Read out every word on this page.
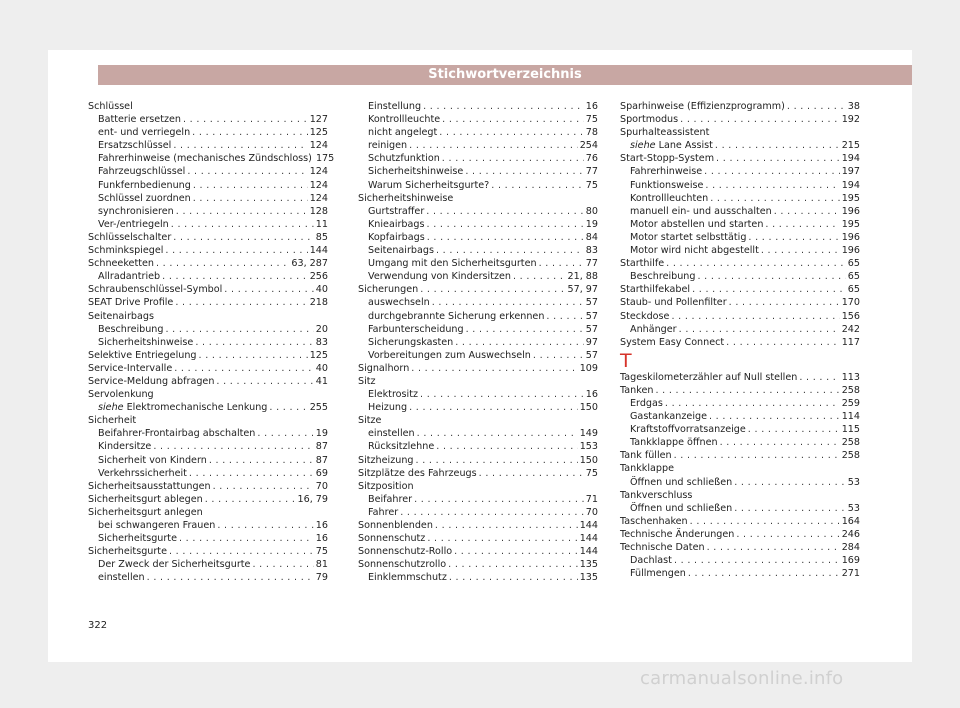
Stichwortverzeichnis
Schlüssel
Batterie ersetzen . . .	127
ent- und verriegeln . . .	125
Ersatzschlüssel . . .	124
Fahrerhinweise (mechanisches Zündschloss) 175
Fahrzeugschlüssel . . .	124
Funkfernbedienung . . .	124
Schlüssel zuordnen . . .	124
synchronisieren . . .	128
Ver-/entriegeln . . .	11
Schlüsselschalter . . .	85
Schminkspiegel . . .	144
Schneeketten . . .	63, 287
Allradantrieb . . .	256
Schraubenschlüssel-Symbol . . .	40
SEAT Drive Profile . . .	218
Seitenairbags
Beschreibung . . .	20
Sicherheitshinweise . . .	83
Selektive Entriegelung . . .	125
Service-Intervalle . . .	40
Service-Meldung abfragen . . .	41
Servolenkung
siehe Elektromechanische Lenkung . . .	255
Sicherheit
Beifahrer-Frontairbag abschalten . . .	19
Kindersitze . . .	87
Sicherheit von Kindern . . .	87
Verkehrssicherheit . . .	69
Sicherheitsausstattungen . . .	70
Sicherheitsgurt ablegen . . .	16, 79
Sicherheitsgurt anlegen
bei schwangeren Frauen . . .	16
Sicherheitsgurte . . .	16
Sicherheitsgurte . . .	75
Der Zweck der Sicherheitsgurte . . .	81
einstellen . . .	79
Einstellung . . .	16
Kontrollleuchte . . .	75
nicht angelegt . . .	78
reinigen . . .	254
Schutzfunktion . . .	76
Sicherheitshinweise . . .	77
Warum Sicherheitsgurte? . . .	75
Sicherheitshinweise
Gurtstraffer . . .	80
Knieairbags . . .	19
Kopfairbags . . .	84
Seitenairbags . . .	83
Umgang mit den Sicherheitsgurten . . .	77
Verwendung von Kindersitzen . . .	21, 88
Sicherungen . . .	57, 97
auswechseln . . .	57
durchgebrannte Sicherung erkennen . . .	57
Farbunterscheidung . . .	57
Sicherungskasten . . .	97
Vorbereitungen zum Auswechseln . . .	57
Signalhorn . . .	109
Sitz
Elektrositz . . .	16
Heizung . . .	150
Sitze
einstellen . . .	149
Rücksitzlehne . . .	153
Sitzheizung . . .	150
Sitzplätze des Fahrzeugs . . .	75
Sitzposition
Beifahrer . . .	71
Fahrer . . .	70
Sonnenblenden . . .	144
Sonnenschutz . . .	144
Sonnenschutz-Rollo . . .	144
Sonnenschutzrollo . . .	135
Einklemmschutz . . .	135
Sparhinweise (Effizienzprogramm) . . .	38
Sportmodus . . .	192
Spurhalteassistent
siehe Lane Assist . . .	215
Start-Stopp-System . . .	194
Fahrerhinweise . . .	197
Funktionsweise . . .	194
Kontrollleuchten . . .	195
manuell ein- und ausschalten . . .	196
Motor abstellen und starten . . .	195
Motor startet selbsttätig . . .	196
Motor wird nicht abgestellt . . .	196
Starthilfe . . .	65
Beschreibung . . .	65
Starthilfekabel . . .	65
Staub- und Pollenfilter . . .	170
Steckdose . . .	156
Anhänger . . .	242
System Easy Connect . . .	117
T
Tageskilometerzähler auf Null stellen . . .	113
Tanken . . .	258
Erdgas . . .	259
Gastankanzeige . . .	114
Kraftstoffvorratsanzeige . . .	115
Tankklappe öffnen . . .	258
Tank füllen . . .	258
Tankklappe
Öffnen und schließen . . .	53
Tankverschluss
Öffnen und schließen . . .	53
Taschenhaken . . .	164
Technische Änderungen . . .	246
Technische Daten . . .	284
Dachlast . . .	169
Füllmengen . . .	271
322
carmanualsonline.info
